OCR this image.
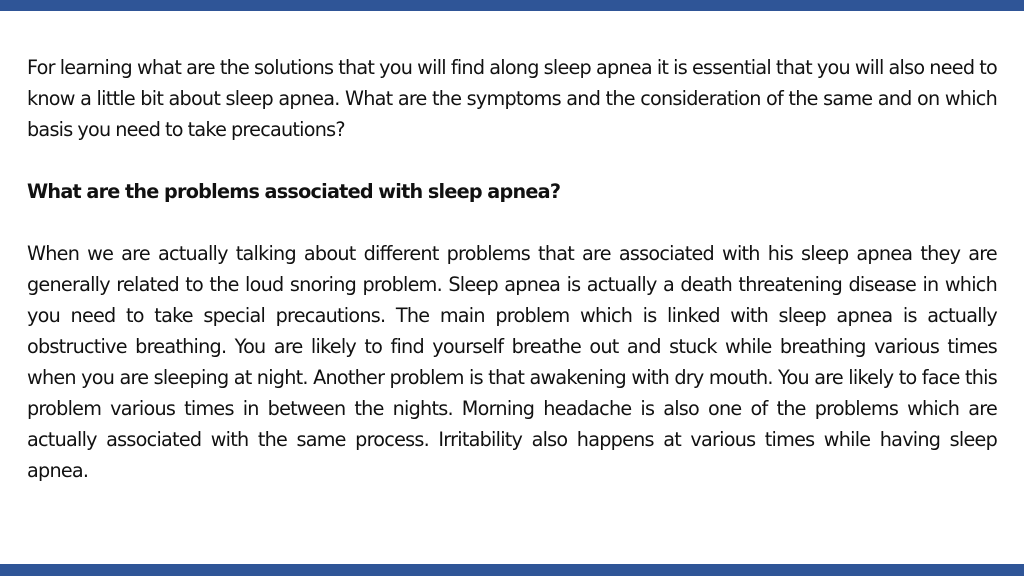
For learning what are the solutions that you will find along sleep apnea it is essential that you will also need to know a little bit about sleep apnea. What are the symptoms and the consideration of the same and on which basis you need to take precautions?

What are the problems associated with sleep apnea?

When we are actually talking about different problems that are associated with his sleep apnea they are generally related to the loud snoring problem. Sleep apnea is actually a death threatening disease in which you need to take special precautions. The main problem which is linked with sleep apnea is actually obstructive breathing. You are likely to find yourself breathe out and stuck while breathing various times when you are sleeping at night. Another problem is that awakening with dry mouth. You are likely to face this problem various times in between the nights. Morning headache is also one of the problems which are actually associated with the same process. Irritability also happens at various times while having sleep apnea.
